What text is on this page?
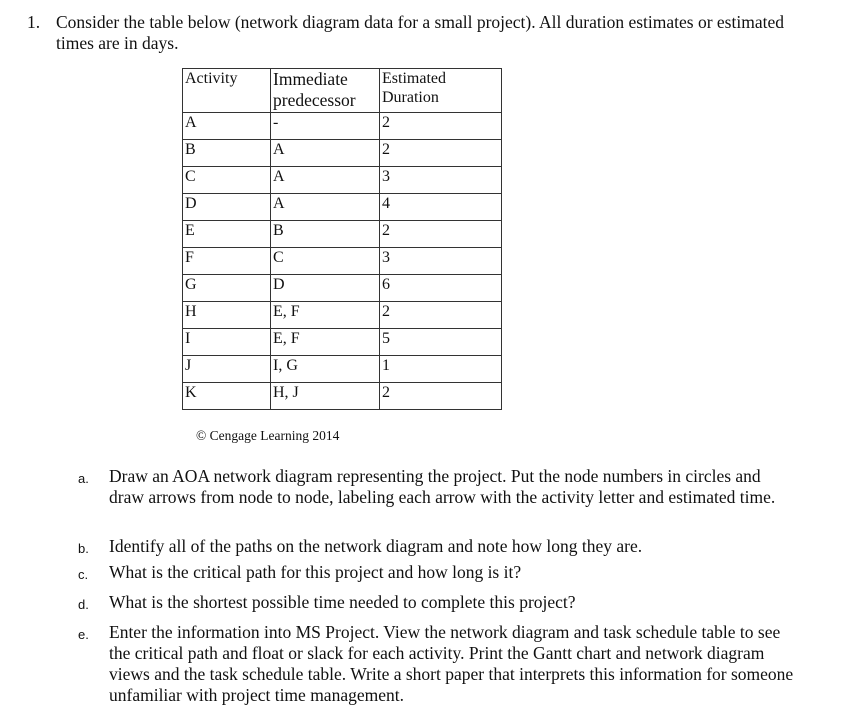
1. Consider the table below (network diagram data for a small project). All duration estimates or estimated times are in days.
Activity	Immediate predecessor	Estimated Duration
A	-	2
B	A	2
C	A	3
D	A	4
E	B	2
F	C	3
G	D	6
H	E, F	2
I	E, F	5
J	I, G	1
K	H, J	2
© Cengage Learning 2014
a. Draw an AOA network diagram representing the project. Put the node numbers in circles and draw arrows from node to node, labeling each arrow with the activity letter and estimated time.
b. Identify all of the paths on the network diagram and note how long they are.
c. What is the critical path for this project and how long is it?
d. What is the shortest possible time needed to complete this project?
e. Enter the information into MS Project. View the network diagram and task schedule table to see the critical path and float or slack for each activity. Print the Gantt chart and network diagram views and the task schedule table. Write a short paper that interprets this information for someone unfamiliar with project time management.
